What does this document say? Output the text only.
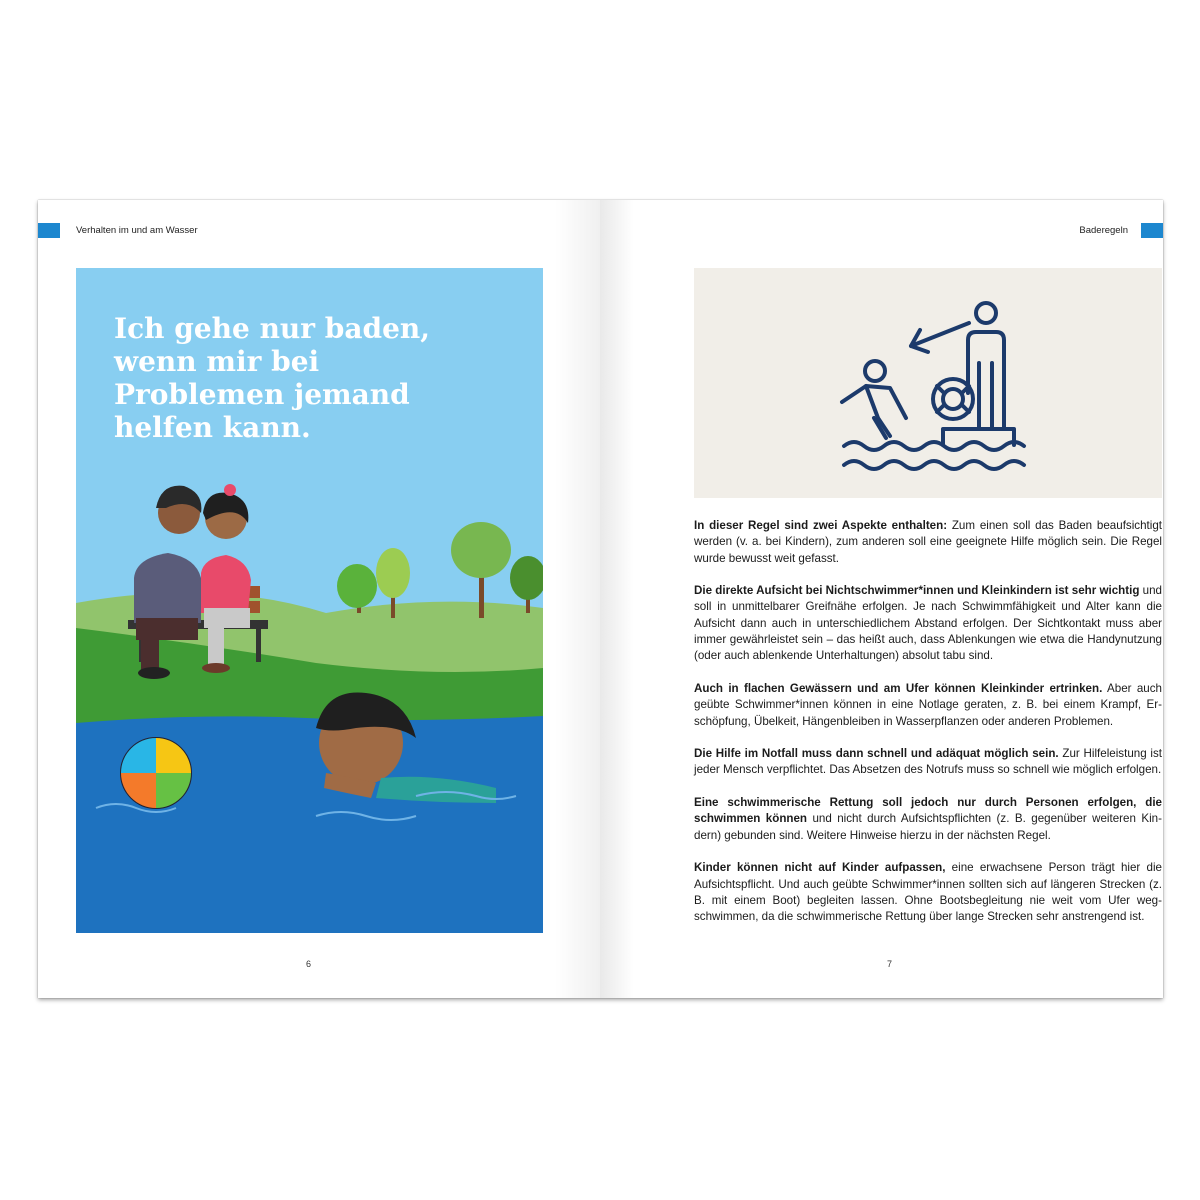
Verhalten im und am Wasser
Ich gehe nur baden, wenn mir bei Problemen jemand helfen kann.
6
Baderegeln

In dieser Regel sind zwei Aspekte enthalten: Zum einen soll das Baden beaufsichtigt werden (v. a. bei Kindern), zum anderen soll eine geeignete Hilfe möglich sein. Die Regel wurde bewusst weit gefasst.

Die direkte Aufsicht bei Nichtschwimmer*innen und Kleinkindern ist sehr wichtig und soll in unmittelbarer Greifnähe erfolgen. Je nach Schwimmfähigkeit und Alter kann die Aufsicht dann auch in unterschiedlichem Abstand erfolgen. Der Sichtkontakt muss aber immer gewährleistet sein – das heißt auch, dass Ablenkungen wie etwa die Handynutzung (oder auch ablenkende Unterhaltungen) absolut tabu sind.

Auch in flachen Gewässern und am Ufer können Kleinkinder ertrinken. Aber auch geübte Schwimmer*innen können in eine Notlage geraten, z. B. bei einem Krampf, Erschöpfung, Übelkeit, Hängenbleiben in Wasserpflanzen oder anderen Problemen.

Die Hilfe im Notfall muss dann schnell und adäquat möglich sein. Zur Hilfeleistung ist jeder Mensch verpflichtet. Das Absetzen des Notrufs muss so schnell wie möglich erfolgen.

Eine schwimmerische Rettung soll jedoch nur durch Personen erfolgen, die schwimmen können und nicht durch Aufsichtspflichten (z. B. gegenüber weiteren Kindern) gebunden sind. Weitere Hinweise hierzu in der nächsten Regel.

Kinder können nicht auf Kinder aufpassen, eine erwachsene Person trägt hier die Aufsichtspflicht. Und auch geübte Schwimmer*innen sollten sich auf längeren Strecken (z. B. mit einem Boot) begleiten lassen. Ohne Bootsbegleitung nie weit vom Ufer wegschwimmen, da die schwimmerische Rettung über lange Strecken sehr anstrengend ist.

7
